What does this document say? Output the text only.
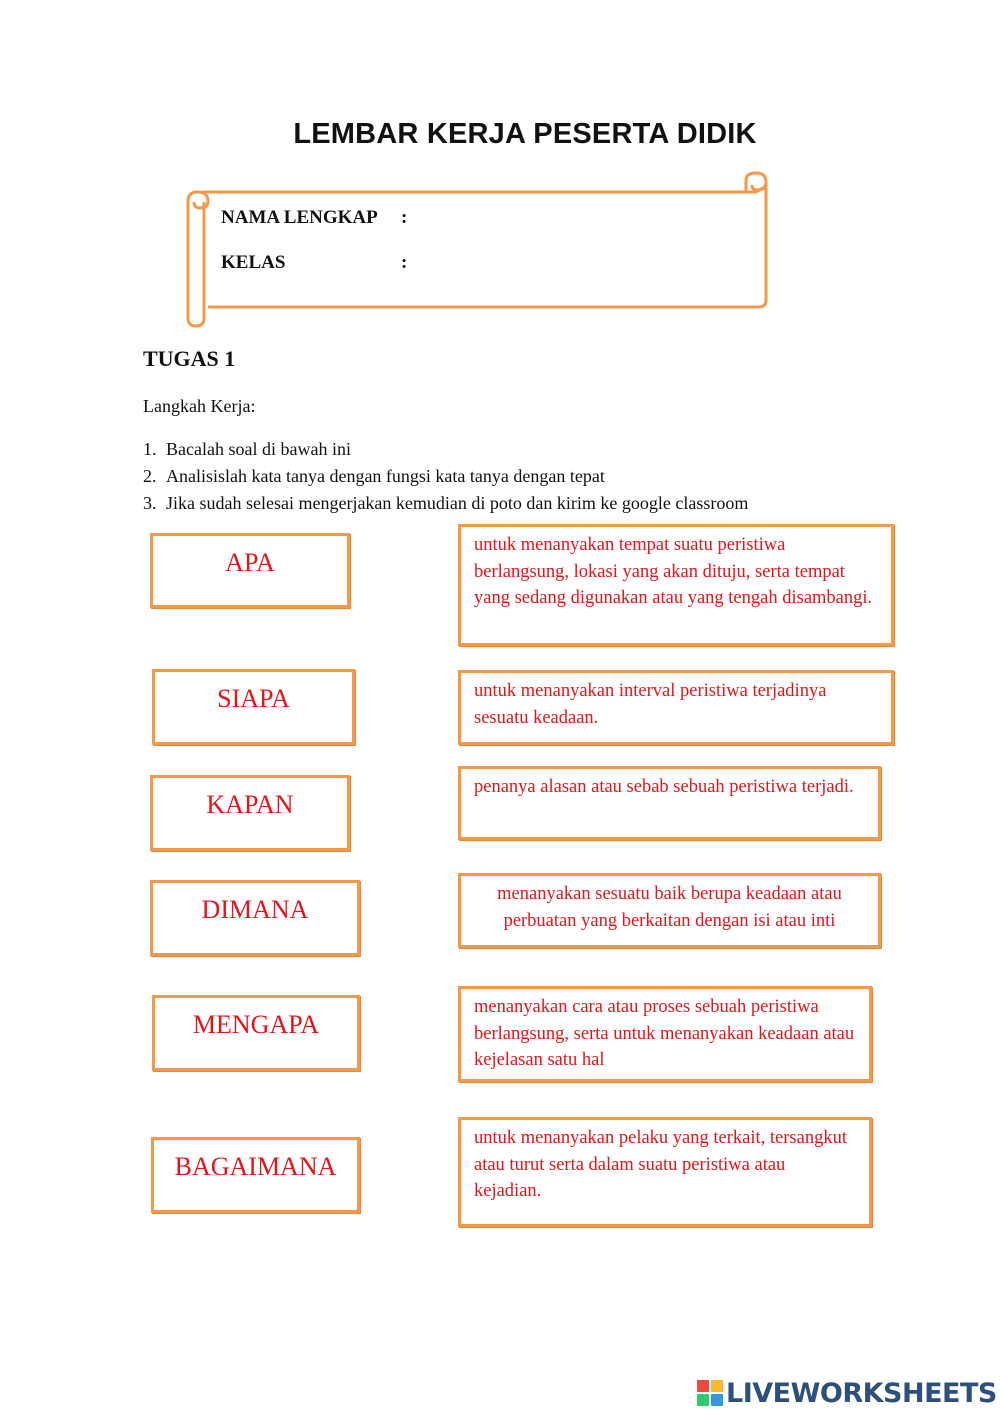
LEMBAR KERJA PESERTA DIDIK
NAMA LENGKAP :
KELAS	:
TUGAS 1
Langkah Kerja:
1. Bacalah soal di bawah ini
2. Analisislah kata tanya dengan fungsi kata tanya dengan tepat
3. Jika sudah selesai mengerjakan kemudian di poto dan kirim ke google classroom
APA
SIAPA
KAPAN
DIMANA
MENGAPA
BAGAIMANA
untuk menanyakan tempat suatu peristiwa berlangsung, lokasi yang akan dituju, serta tempat yang sedang digunakan atau yang tengah disambangi.
untuk menanyakan interval peristiwa terjadinya sesuatu keadaan.
penanya alasan atau sebab sebuah peristiwa terjadi.
menanyakan sesuatu baik berupa keadaan atau perbuatan yang berkaitan dengan isi atau inti
menanyakan cara atau proses sebuah peristiwa berlangsung, serta untuk menanyakan keadaan atau kejelasan satu hal
untuk menanyakan pelaku yang terkait, tersangkut atau turut serta dalam suatu peristiwa atau kejadian.
LIVEWORKSHEETS
